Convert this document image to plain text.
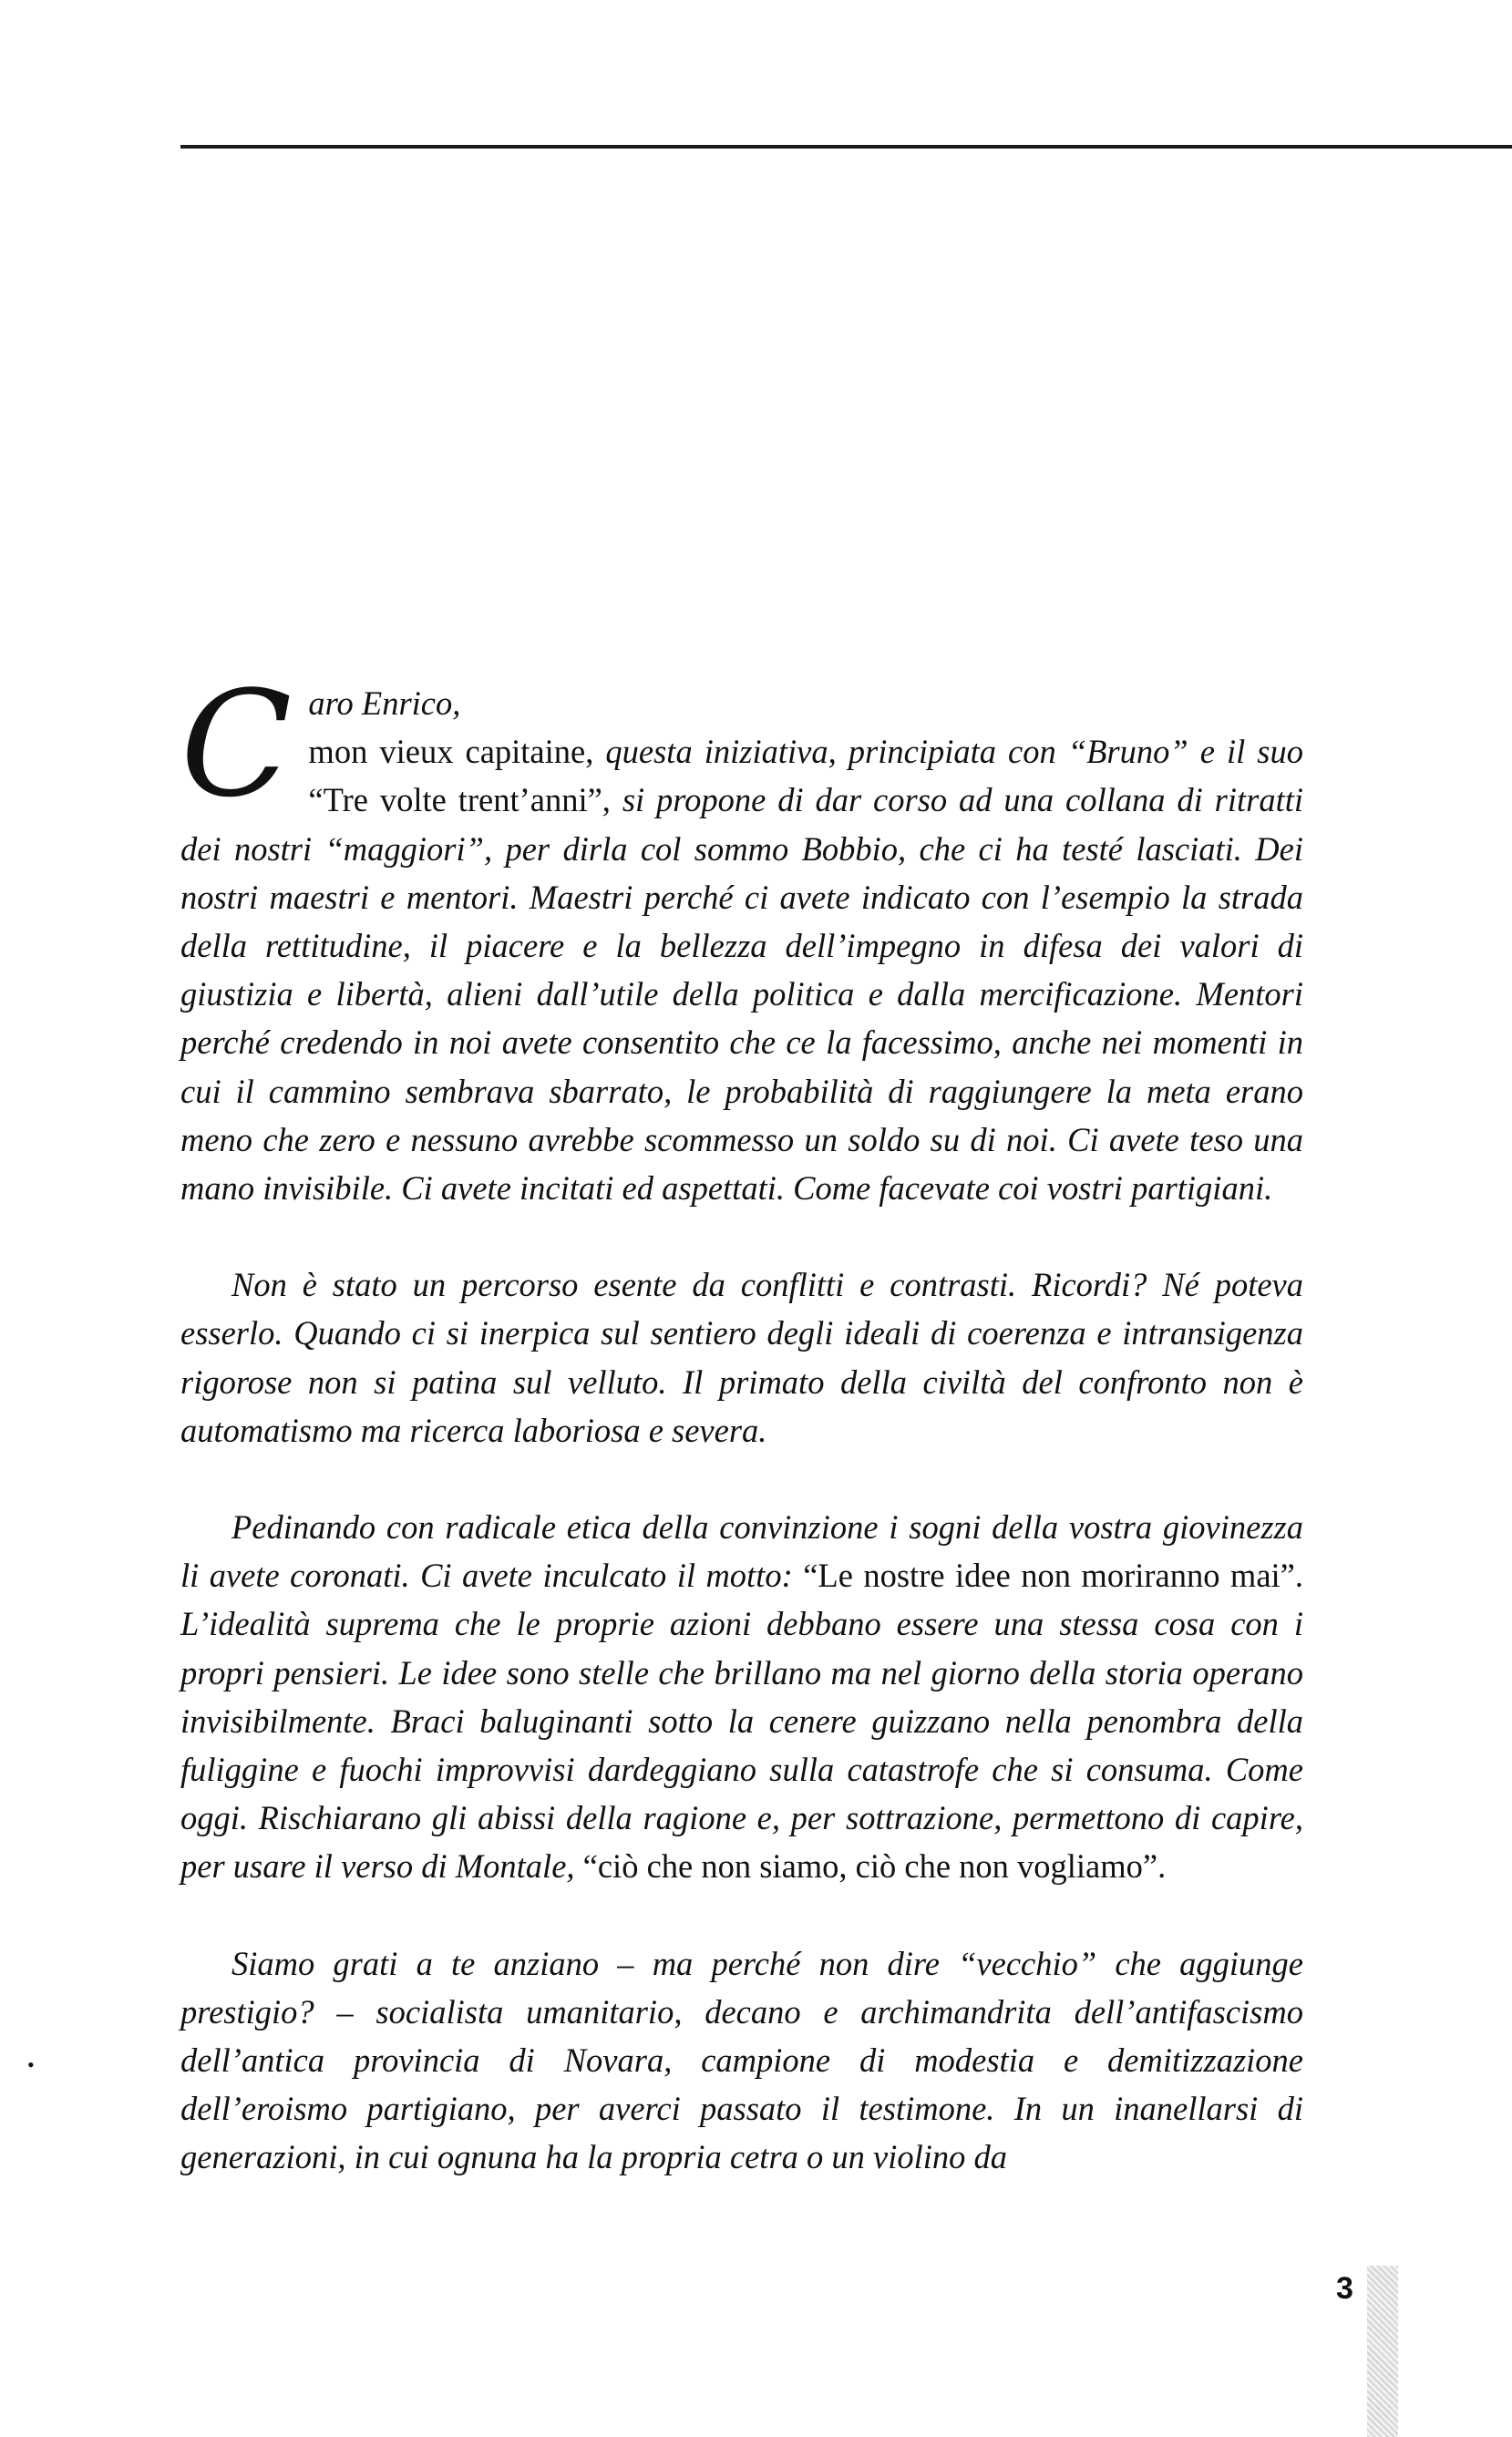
C aro Enrico,
mon vieux capitaine, questa iniziativa, principiata con “Bruno” e il suo “Tre volte trent’anni”, si propone di dar corso ad una collana di ritratti dei nostri “maggiori”, per dirla col sommo Bobbio, che ci ha testé lasciati. Dei nostri maestri e mentori. Maestri perché ci avete indicato con l’esempio la strada della rettitudine, il piacere e la bellezza dell’impegno in difesa dei valori di giustizia e libertà, alieni dall’utile della politica e dalla mercificazione. Mentori perché credendo in noi avete consentito che ce la facessimo, anche nei momenti in cui il cammino sembrava sbarrato, le probabilità di raggiungere la meta erano meno che zero e nessuno avrebbe scommesso un soldo su di noi. Ci avete teso una mano invisibile. Ci avete incitati ed aspettati. Come facevate coi vostri partigiani.

Non è stato un percorso esente da conflitti e contrasti. Ricordi? Né poteva esserlo. Quando ci si inerpica sul sentiero degli ideali di coerenza e intransigenza rigorose non si patina sul velluto. Il primato della civiltà del confronto non è automatismo ma ricerca laboriosa e severa.

Pedinando con radicale etica della convinzione i sogni della vostra giovinezza li avete coronati. Ci avete inculcato il motto: “Le nostre idee non moriranno mai”. L’idealità suprema che le proprie azioni debbano essere una stessa cosa con i propri pensieri. Le idee sono stelle che brillano ma nel giorno della storia operano invisibilmente. Braci baluginanti sotto la cenere guizzano nella penombra della fuliggine e fuochi improvvisi dardeggiano sulla catastrofe che si consuma. Come oggi. Rischiarano gli abissi della ragione e, per sottrazione, permettono di capire, per usare il verso di Montale, “ciò che non siamo, ciò che non vogliamo”.

Siamo grati a te anziano – ma perché non dire “vecchio” che aggiunge prestigio? – socialista umanitario, decano e archimandrita dell’antifascismo dell’antica provincia di Novara, campione di modestia e demitizzazione dell’eroismo partigiano, per averci passato il testimone. In un inanellarsi di generazioni, in cui ognuna ha la propria cetra o un violino da

•
3
